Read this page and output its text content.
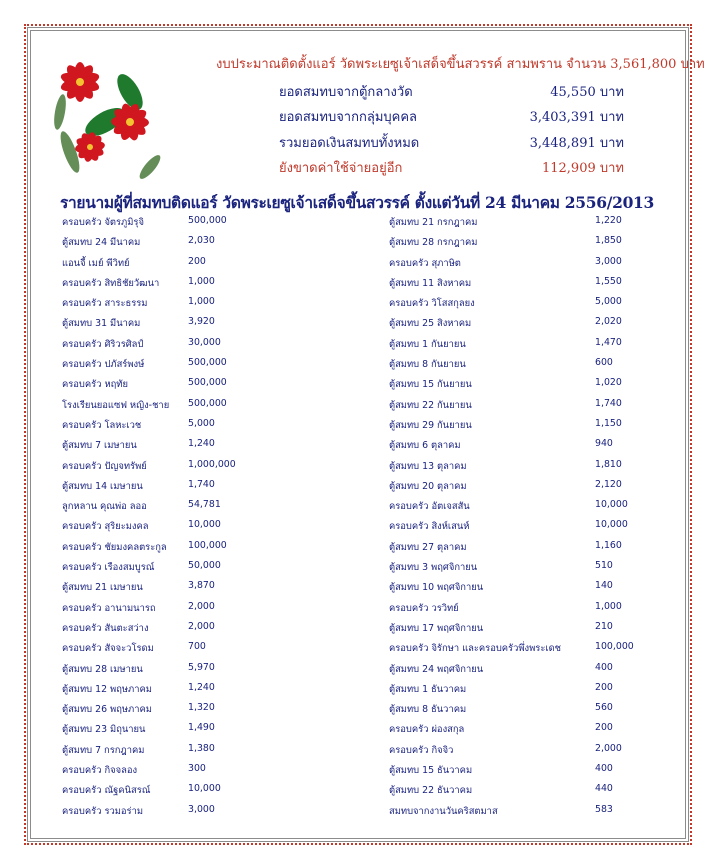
งบประมาณติดตั้งแอร์ วัดพระเยซูเจ้าเสด็จขึ้นสวรรค์ สามพราน จำนวน 3,561,800 บาท
ยอดสมทบจากตู้กลางวัด	45,550 บาท
ยอดสมทบจากกลุ่มบุคคล	3,403,391 บาท
รวมยอดเงินสมทบทั้งหมด	3,448,891 บาท
ยังขาดค่าใช้จ่ายอยู่อีก	112,909 บาท
รายนามผู้ที่สมทบติดแอร์ วัดพระเยซูเจ้าเสด็จขึ้นสวรรค์ ตั้งแต่วันที่ 24 มีนาคม 2556/2013
ครอบครัว จัตรภูมิรุจิ	500,000
ตู้สมทบ 24 มีนาคม	2,030
แอนจี้ เมย์ พีวิทย์	200
ครอบครัว สิทธิชัยวัฒนา	1,000
ครอบครัว สาระธรรม	1,000
ตู้สมทบ 31 มีนาคม	3,920
ครอบครัว ศิริวรศิลป์	30,000
ครอบครัว ปภัสร์พงษ์	500,000
ครอบครัว หฤทัย	500,000
โรงเรียนยอแซฟ หญิง-ชาย 500,000
ครอบครัว โลหะเวช	5,000
ตู้สมทบ 7 เมษายน	1,240
ครอบครัว ปัญจทรัพย์	1,000,000
ตู้สมทบ 14 เมษายน	1,740
ลูกหลาน คุณพ่อ ลออ	54,781
ครอบครัว สุริยะมงคล	10,000
ครอบครัว ชัยมงคลตระกูล 100,000
ครอบครัว เรืองสมบูรณ์	50,000
ตู้สมทบ 21 เมษายน	3,870
ครอบครัว อานามนารถ	2,000
ครอบครัว สันตะสว่าง	2,000
ครอบครัว สัจจะวโรดม	700
ตู้สมทบ 28 เมษายน	5,970
ตู้สมทบ 12 พฤษภาคม	1,240
ตู้สมทบ 26 พฤษภาคม	1,320
ตู้สมทบ 23 มิถุนายน	1,490
ตู้สมทบ 7 กรกฎาคม	1,380
ครอบครัว กิจจลอง	300
ครอบครัว ณัฐคนิสรณ์	10,000
ครอบครัว รวมอร่าม	3,000
ตู้สมทบ 21 กรกฎาคม	1,220
ตู้สมทบ 28 กรกฎาคม	1,850
ครอบครัว สุภาษิต	3,000
ตู้สมทบ 11 สิงหาคม	1,550
ครอบครัว วิโสสกุลยง	5,000
ตู้สมทบ 25 สิงหาคม	2,020
ตู้สมทบ 1 กันยายน	1,470
ตู้สมทบ 8 กันยายน	600
ตู้สมทบ 15 กันยายน	1,020
ตู้สมทบ 22 กันยายน	1,740
ตู้สมทบ 29 กันยายน	1,150
ตู้สมทบ 6 ตุลาคม	940
ตู้สมทบ 13 ตุลาคม	1,810
ตู้สมทบ 20 ตุลาคม	2,120
ครอบครัว อัตเจสสัน	10,000
ครอบครัว สิงห์เสนห์	10,000
ตู้สมทบ 27 ตุลาคม	1,160
ตู้สมทบ 3 พฤศจิกายน	510
ตู้สมทบ 10 พฤศจิกายน	140
ครอบครัว วรวิทย์	1,000
ตู้สมทบ 17 พฤศจิกายน	210
ครอบครัว จิรักษา และครอบครัวพึ่งพระเดช	100,000
ตู้สมทบ 24 พฤศจิกายน	400
ตู้สมทบ 1 ธันวาคม	200
ตู้สมทบ 8 ธันวาคม	560
ครอบครัว ผ่องสกุล	200
ครอบครัว กิจจิว	2,000
ตู้สมทบ 15 ธันวาคม	400
ตู้สมทบ 22 ธันวาคม	440
สมทบจากงานวันคริสตมาส	583
